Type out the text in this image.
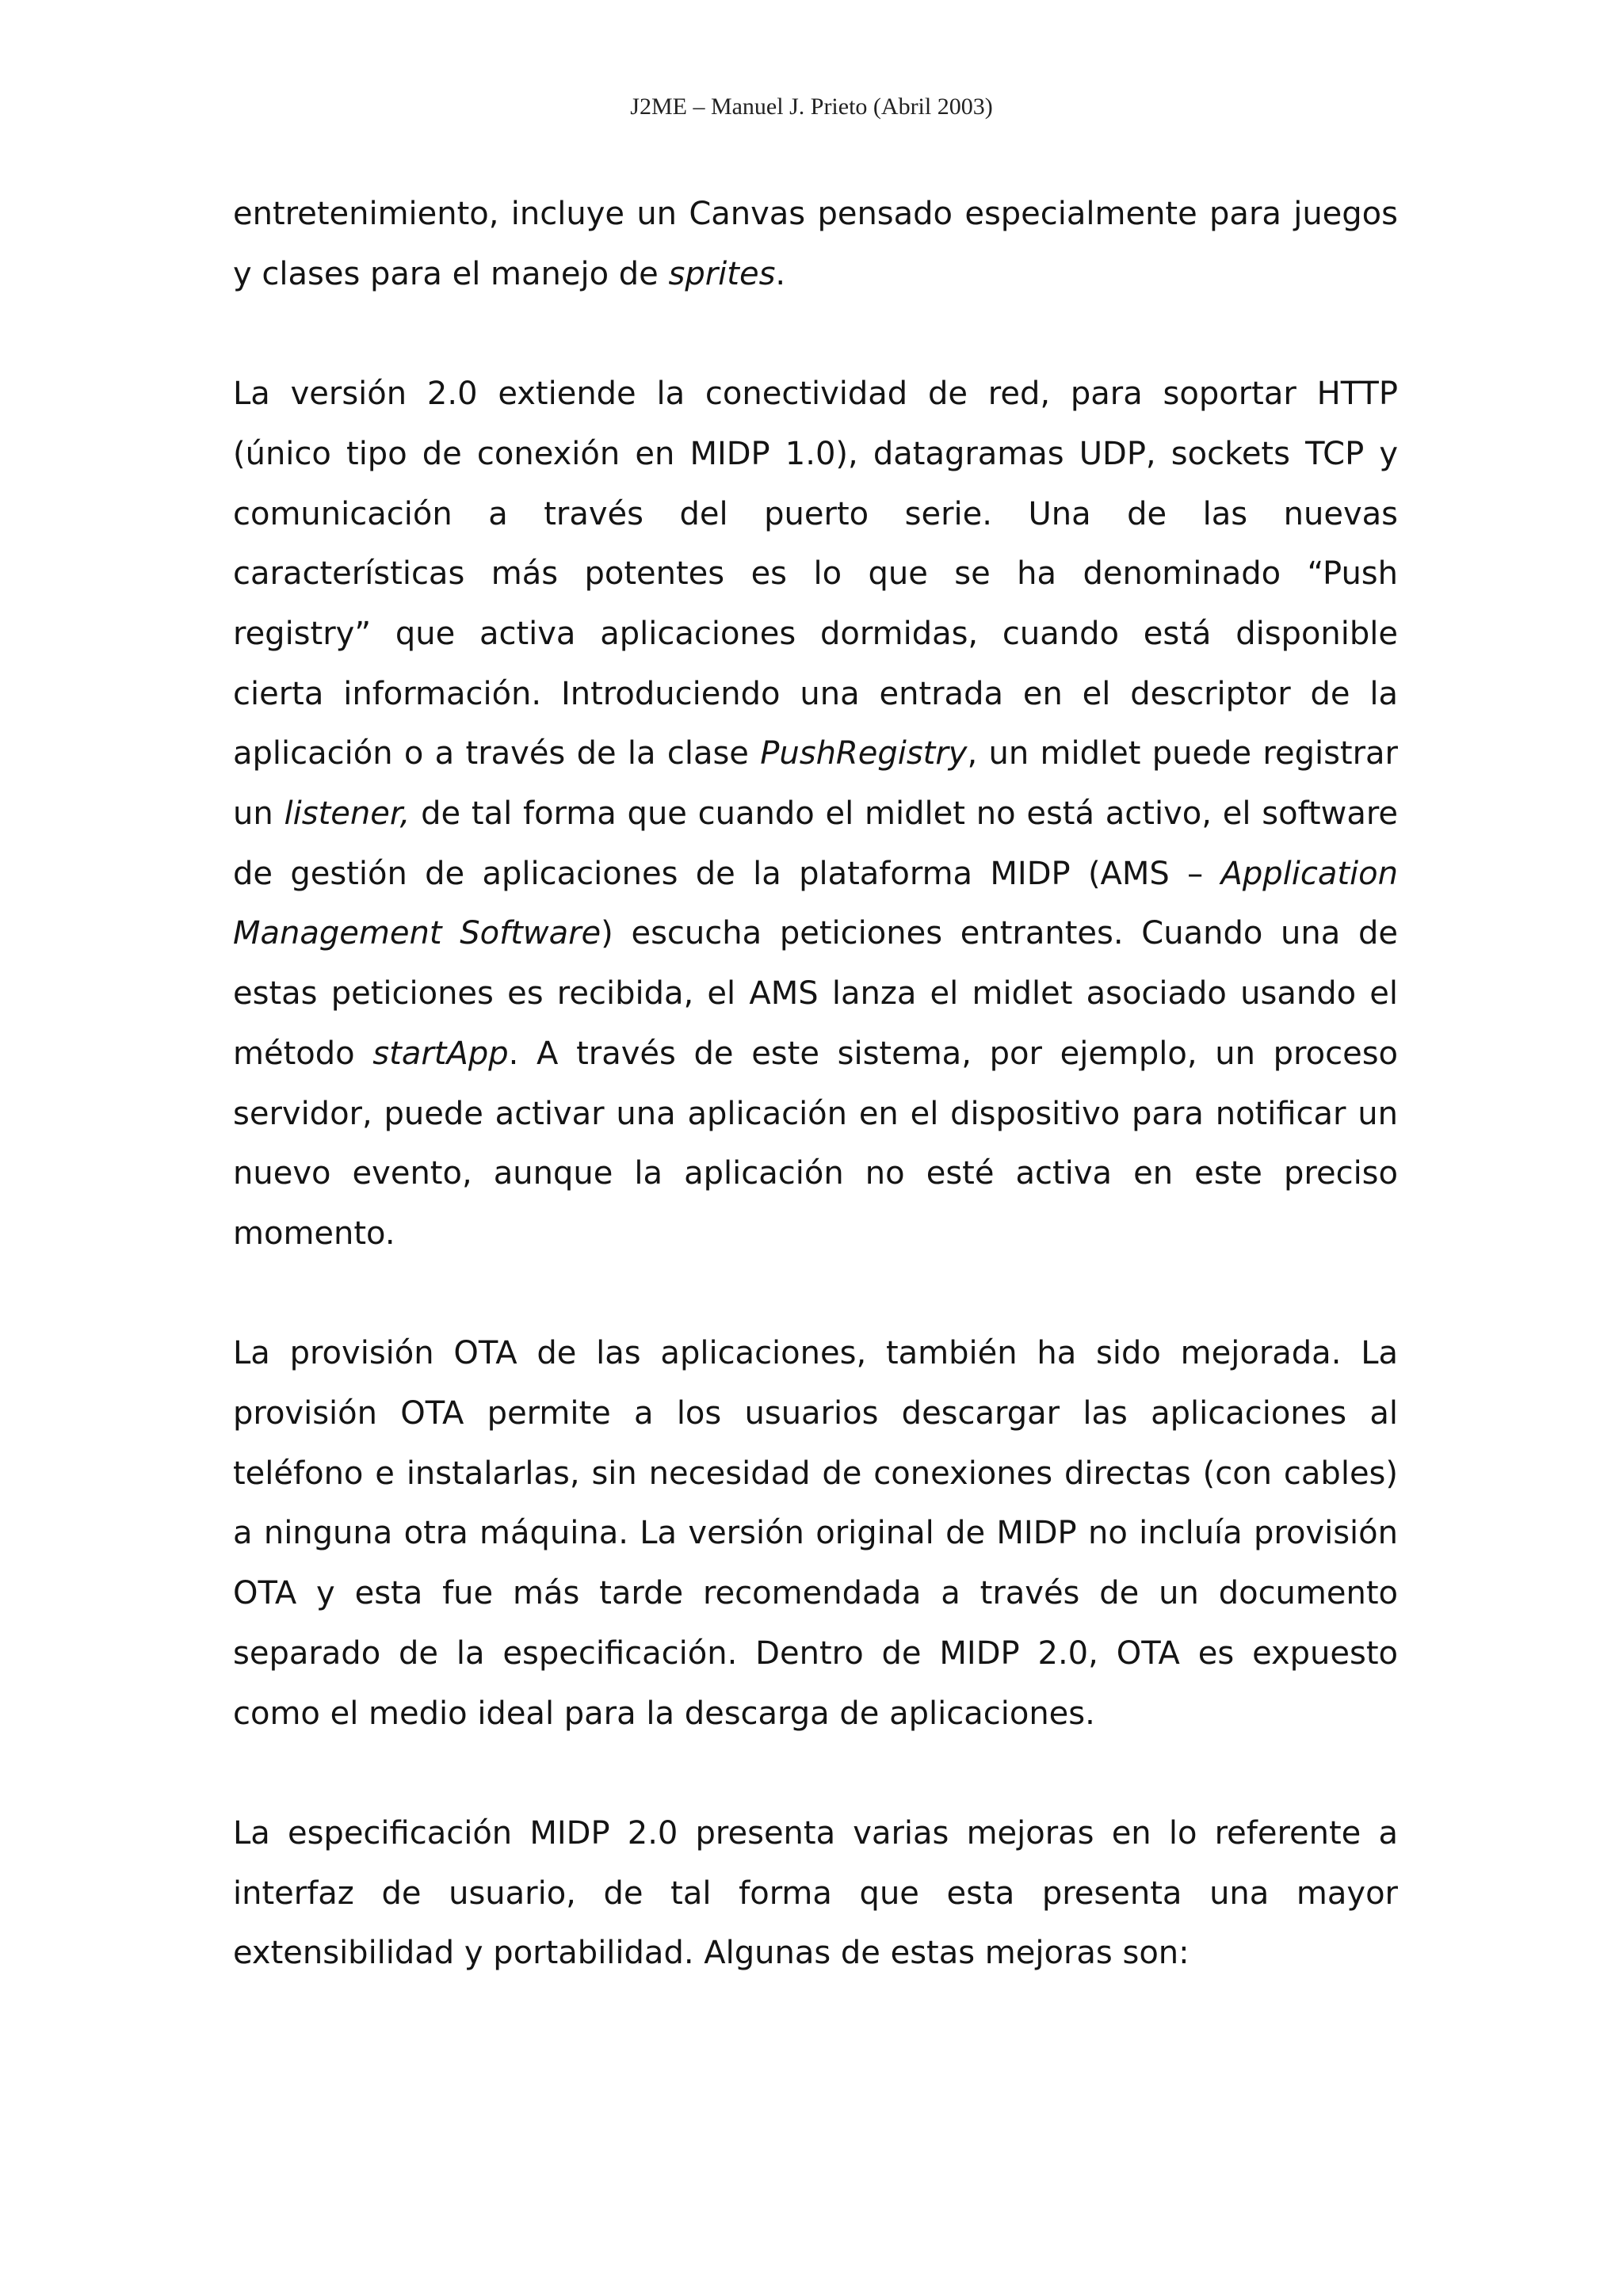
J2ME – Manuel J. Prieto (Abril 2003)

entretenimiento, incluye un Canvas pensado especialmente para juegos y clases para el manejo de sprites.

La versión 2.0 extiende la conectividad de red, para soportar HTTP (único tipo de conexión en MIDP 1.0), datagramas UDP, sockets TCP y comunicación a través del puerto serie. Una de las nuevas características más potentes es lo que se ha denominado “Push registry” que activa aplicaciones dormidas, cuando está disponible cierta información. Introduciendo una entrada en el descriptor de la aplicación o a través de la clase PushRegistry, un midlet puede registrar un listener, de tal forma que cuando el midlet no está activo, el software de gestión de aplicaciones de la plataforma MIDP (AMS – Application Management Software) escucha peticiones entrantes. Cuando una de estas peticiones es recibida, el AMS lanza el midlet asociado usando el método startApp. A través de este sistema, por ejemplo, un proceso servidor, puede activar una aplicación en el dispositivo para notificar un nuevo evento, aunque la aplicación no esté activa en este preciso momento.

La provisión OTA de las aplicaciones, también ha sido mejorada. La provisión OTA permite a los usuarios descargar las aplicaciones al teléfono e instalarlas, sin necesidad de conexiones directas (con cables) a ninguna otra máquina. La versión original de MIDP no incluía provisión OTA y esta fue más tarde recomendada a través de un documento separado de la especificación. Dentro de MIDP 2.0, OTA es expuesto como el medio ideal para la descarga de aplicaciones.

La especificación MIDP 2.0 presenta varias mejoras en lo referente a interfaz de usuario, de tal forma que esta presenta una mayor extensibilidad y portabilidad. Algunas de estas mejoras son:
